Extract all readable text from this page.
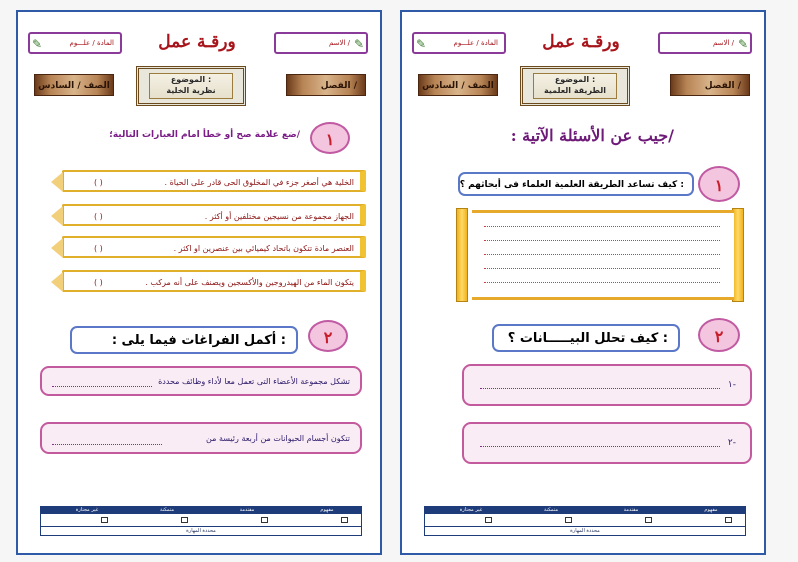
✎	المادة / علـــوم	ورقـة عمل	✎
الاسم /
الصف / السادس
الموضوع :
نظرية الخلية	الفصل /
١
/ضع علامة صح أو خطأ امام العبارات التالية؛
الخلية هي أصغر جزء في المخلوق الحى قادر على الحياة .
( )
الجهاز مجموعة من نسيجين مختلفين أو أكثر .
( )
العنصر مادة تتكون باتحاد كيميائي بين عنصرين او اكثر .
( )
يتكون الماء من الهيدروجين والأكسجين ويصنف على أنه مركب .
( )
٢
: أكمل الفراغات فيما يلى :
تشكل مجموعة الأعضاء التى تعمل معا لأداء وظائف محددة
تتكون أجسام الحيوانات من أربعة رئيسة من
مفهوم
مقتدمة
متمكنة
غير مجتازة
محددة المهارة
✎	المادة / علـــوم	ورقـة عمل	✎
الاسم /
الصف / السادس
الموضوع :
الطريقة العلمية	الفصل /
/جيب عن الأسئلة الآتية :
١
: كيف تساعد الطريقة العلمية العلماء فى أبحاثهم ؟
٢
: كيف تحلل البيـــــانات ؟
١-
٢-
مفهوم
مقتدمة
متمكنة
غير مجتازة
محددة المهارة
